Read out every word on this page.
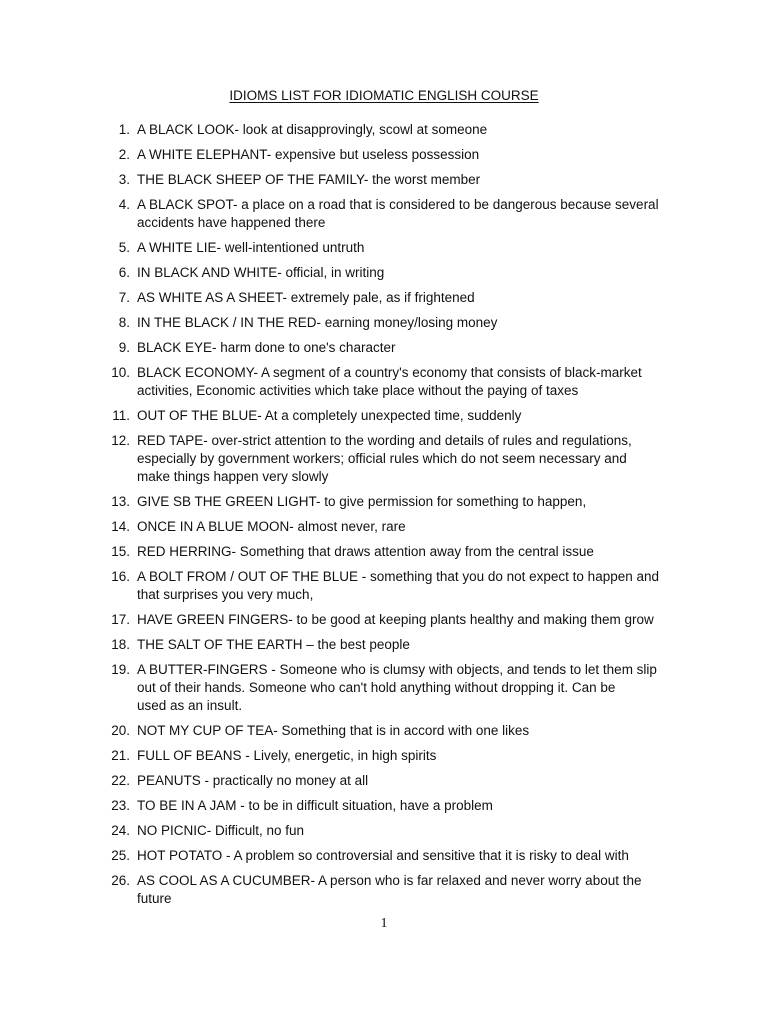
IDIOMS LIST FOR IDIOMATIC ENGLISH COURSE
1. A BLACK LOOK- look at disapprovingly, scowl at someone
2. A WHITE ELEPHANT- expensive but useless possession
3. THE BLACK SHEEP OF THE FAMILY- the worst member
4. A BLACK SPOT- a place on a road that is considered to be dangerous because several
accidents have happened there
5. A WHITE LIE- well-intentioned untruth
6. IN BLACK AND WHITE- official, in writing
7. AS WHITE AS A SHEET- extremely pale, as if frightened
8. IN THE BLACK / IN THE RED- earning money/losing money
9. BLACK EYE- harm done to one's character
10. BLACK ECONOMY- A segment of a country's economy that consists of black-market
activities, Economic activities which take place without the paying of taxes
11. OUT OF THE BLUE- At a completely unexpected time, suddenly
12. RED TAPE- over-strict attention to the wording and details of rules and regulations,
especially by government workers; official rules which do not seem necessary and
make things happen very slowly
13. GIVE SB THE GREEN LIGHT- to give permission for something to happen,
14. ONCE IN A BLUE MOON- almost never, rare
15. RED HERRING- Something that draws attention away from the central issue
16. A BOLT FROM / OUT OF THE BLUE - something that you do not expect to happen and
that surprises you very much,
17. HAVE GREEN FINGERS- to be good at keeping plants healthy and making them grow
18. THE SALT OF THE EARTH – the best people
19. A BUTTER-FINGERS - Someone who is clumsy with objects, and tends to let them slip
out of their hands. Someone who can't hold anything without dropping it. Can be
used as an insult.
20. NOT MY CUP OF TEA- Something that is in accord with one likes
21. FULL OF BEANS - Lively, energetic, in high spirits
22. PEANUTS - practically no money at all
23. TO BE IN A JAM - to be in difficult situation, have a problem
24. NO PICNIC- Difficult, no fun
25. HOT POTATO - A problem so controversial and sensitive that it is risky to deal with
26. AS COOL AS A CUCUMBER- A person who is far relaxed and never worry about the
future
1
